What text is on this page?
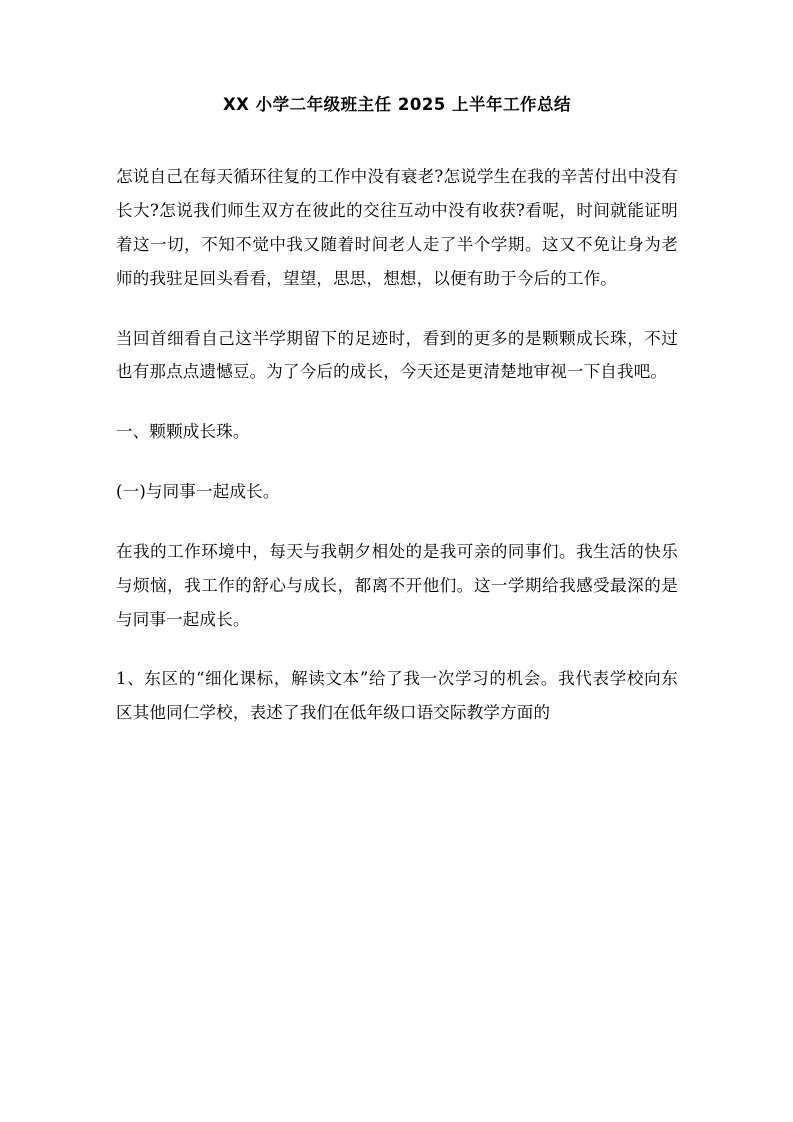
XX 小学二年级班主任 2025 上半年工作总结

怎说自己在每天循环往复的工作中没有衰老?怎说学生在我的辛苦付出中没有长大?怎说我们师生双方在彼此的交往互动中没有收获?看呢，时间就能证明着这一切，不知不觉中我又随着时间老人走了半个学期。这又不免让身为老师的我驻足回头看看，望望，思思，想想，以便有助于今后的工作。

当回首细看自己这半学期留下的足迹时，看到的更多的是颗颗成长珠，不过也有那点点遗憾豆。为了今后的成长，今天还是更清楚地审视一下自我吧。

一、颗颗成长珠。

(一)与同事一起成长。

在我的工作环境中，每天与我朝夕相处的是我可亲的同事们。我生活的快乐与烦恼，我工作的舒心与成长，都离不开他们。这一学期给我感受最深的是与同事一起成长。

1、东区的“细化课标，解读文本”给了我一次学习的机会。我代表学校向东区其他同仁学校，表述了我们在低年级口语交际教学方面的
